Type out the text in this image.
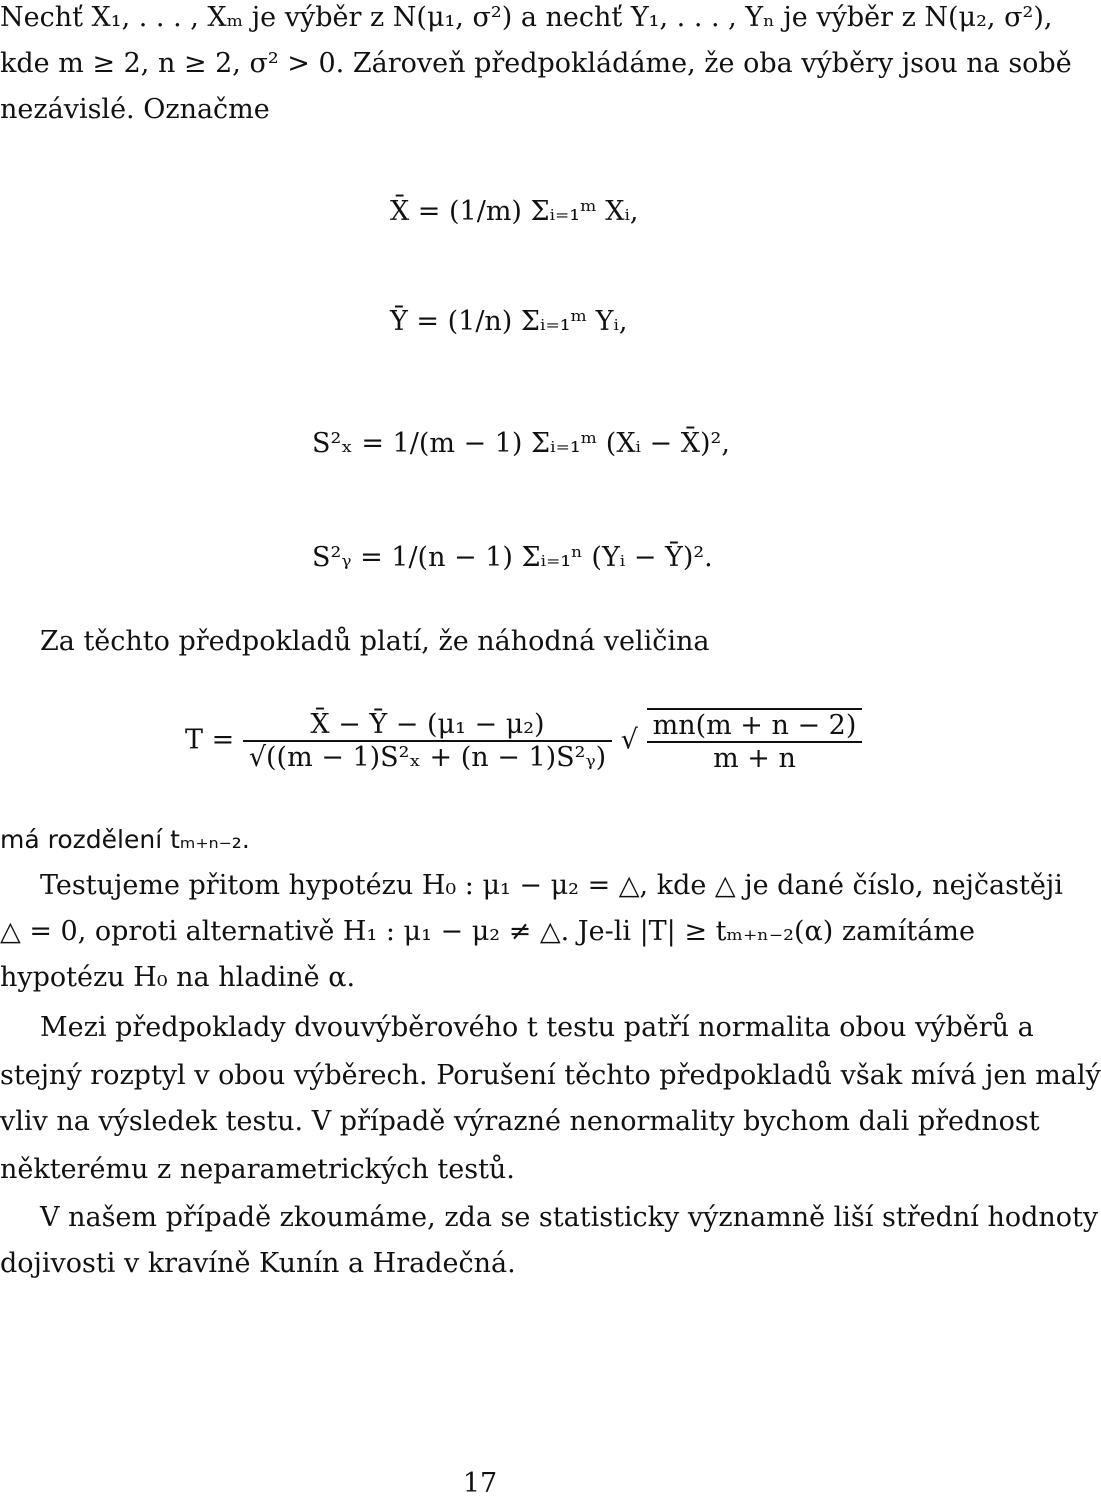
Nechť X₁, . . . , Xₘ je výběr z N(μ₁, σ²) a nechť Y₁, . . . , Yₙ je výběr z N(μ₂, σ²),
kde m ≥ 2, n ≥ 2, σ² > 0. Zároveň předpokládáme, že oba výběry jsou na sobě
nezávislé. Označme
X̄ = (1/m) Σᵢ₌₁ᵐ Xᵢ,
Ȳ = (1/n) Σᵢ₌₁ᵐ Yᵢ,
S²ₓ = 1/(m − 1) Σᵢ₌₁ᵐ (Xᵢ − X̄)²,
S²ᵧ = 1/(n − 1) Σᵢ₌₁ⁿ (Yᵢ − Ȳ)².
Za těchto předpokladů platí, že náhodná veličina
$T = \frac{\text{X̄ − Ȳ − (μ₁ − μ₂)}}{\text{√((m − 1)S²ₓ + (n − 1)S²ᵧ)}}$ √ $\frac{mn(m + n - 2)}{m + n}$
má rozdělení tₘ₊ₙ₋₂.
Testujeme přitom hypotézu H₀ : μ₁ − μ₂ = △, kde △ je dané číslo, nejčastěji
△ = 0, oproti alternativě H₁ : μ₁ − μ₂ ≠ △. Je-li |T| ≥ tₘ₊ₙ₋₂(α) zamítáme
hypotézu H₀ na hladině α.
Mezi předpoklady dvouvýběrového t testu patří normalita obou výběrů a
stejný rozptyl v obou výběrech. Porušení těchto předpokladů však mívá jen malý
vliv na výsledek testu. V případě výrazné nenormality bychom dali přednost
některému z neparametrických testů.
V našem případě zkoumáme, zda se statisticky významně liší střední hodnoty
dojivosti v kravíně Kunín a Hradečná.
17
